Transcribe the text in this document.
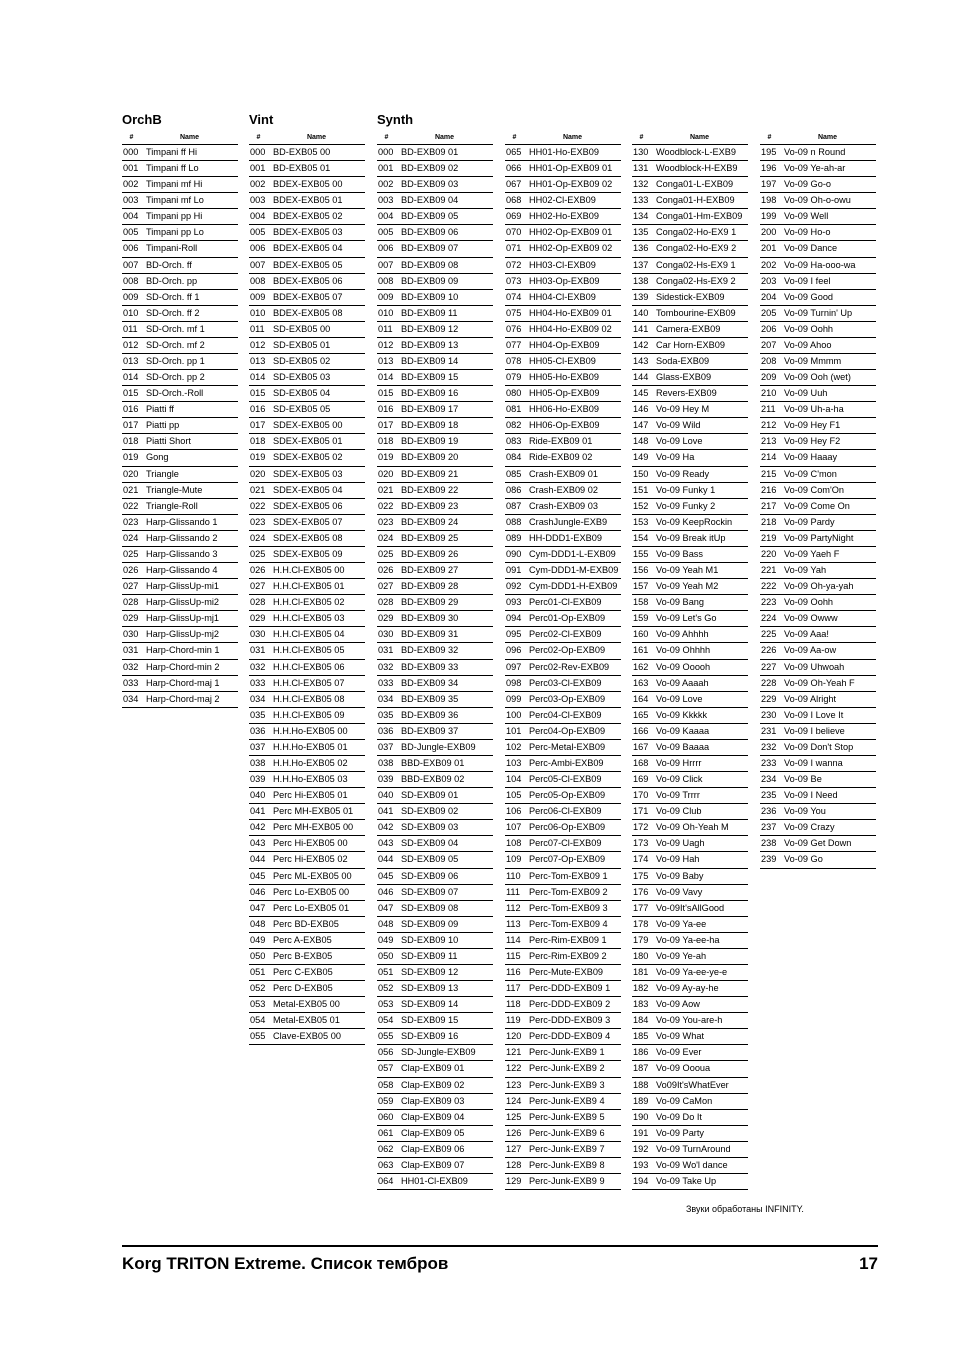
OrchB
#	Name
000 Timpani ff Hi
001 Timpani ff Lo
002 Timpani mf Hi
003 Timpani mf Lo
004 Timpani pp Hi
005 Timpani pp Lo
006 Timpani-Roll
007 BD-Orch. ff
008 BD-Orch. pp
009 SD-Orch. ff 1
010 SD-Orch. ff 2
011 SD-Orch. mf 1
012 SD-Orch. mf 2
013 SD-Orch. pp 1
014 SD-Orch. pp 2
015 SD-Orch.-Roll
016 Piatti ff
017 Piatti pp
018 Piatti Short
019 Gong
020 Triangle
021 Triangle-Mute
022 Triangle-Roll
023 Harp-Glissando 1
024 Harp-Glissando 2
025 Harp-Glissando 3
026 Harp-Glissando 4
027 Harp-GlissUp-mi1
028 Harp-GlissUp-mi2
029 Harp-GlissUp-mj1
030 Harp-GlissUp-mj2
031 Harp-Chord-min 1
032 Harp-Chord-min 2
033 Harp-Chord-maj 1
034 Harp-Chord-maj 2
Vint
#	Name
000 BD-EXB05 00
001 BD-EXB05 01
002 BDEX-EXB05 00
003 BDEX-EXB05 01
004 BDEX-EXB05 02
005 BDEX-EXB05 03
006 BDEX-EXB05 04
007 BDEX-EXB05 05
008 BDEX-EXB05 06
009 BDEX-EXB05 07
010 BDEX-EXB05 08
011 SD-EXB05 00
012 SD-EXB05 01
013 SD-EXB05 02
014 SD-EXB05 03
015 SD-EXB05 04
016 SD-EXB05 05
017 SDEX-EXB05 00
018 SDEX-EXB05 01
019 SDEX-EXB05 02
020 SDEX-EXB05 03
021 SDEX-EXB05 04
022 SDEX-EXB05 06
023 SDEX-EXB05 07
024 SDEX-EXB05 08
025 SDEX-EXB05 09
026 H.H.Cl-EXB05 00
027 H.H.Cl-EXB05 01
028 H.H.Cl-EXB05 02
029 H.H.Cl-EXB05 03
030 H.H.Cl-EXB05 04
031 H.H.Cl-EXB05 05
032 H.H.Cl-EXB05 06
033 H.H.Cl-EXB05 07
034 H.H.Cl-EXB05 08
035 H.H.Cl-EXB05 09
036 H.H.Ho-EXB05 00
037 H.H.Ho-EXB05 01
038 H.H.Ho-EXB05 02
039 H.H.Ho-EXB05 03
040 Perc Hi-EXB05 01
041 Perc MH-EXB05 01
042 Perc MH-EXB05 00
043 Perc Hi-EXB05 00
044 Perc Hi-EXB05 02
045 Perc ML-EXB05 00
046 Perc Lo-EXB05 00
047 Perc Lo-EXB05 01
048 Perc BD-EXB05
049 Perc A-EXB05
050 Perc B-EXB05
051 Perc C-EXB05
052 Perc D-EXB05
053 Metal-EXB05 00
054 Metal-EXB05 01
055 Clave-EXB05 00
Synth
#	Name
000 BD-EXB09 01
001 BD-EXB09 02
002 BD-EXB09 03
003 BD-EXB09 04
004 BD-EXB09 05
005 BD-EXB09 06
006 BD-EXB09 07
007 BD-EXB09 08
008 BD-EXB09 09
009 BD-EXB09 10
010 BD-EXB09 11
011 BD-EXB09 12
012 BD-EXB09 13
013 BD-EXB09 14
014 BD-EXB09 15
015 BD-EXB09 16
016 BD-EXB09 17
017 BD-EXB09 18
018 BD-EXB09 19
019 BD-EXB09 20
020 BD-EXB09 21
021 BD-EXB09 22
022 BD-EXB09 23
023 BD-EXB09 24
024 BD-EXB09 25
025 BD-EXB09 26
026 BD-EXB09 27
027 BD-EXB09 28
028 BD-EXB09 29
029 BD-EXB09 30
030 BD-EXB09 31
031 BD-EXB09 32
032 BD-EXB09 33
033 BD-EXB09 34
034 BD-EXB09 35
035 BD-EXB09 36
036 BD-EXB09 37
037 BD-Jungle-EXB09
038 BBD-EXB09 01
039 BBD-EXB09 02
040 SD-EXB09 01
041 SD-EXB09 02
042 SD-EXB09 03
043 SD-EXB09 04
044 SD-EXB09 05
045 SD-EXB09 06
046 SD-EXB09 07
047 SD-EXB09 08
048 SD-EXB09 09
049 SD-EXB09 10
050 SD-EXB09 11
051 SD-EXB09 12
052 SD-EXB09 13
053 SD-EXB09 14
054 SD-EXB09 15
055 SD-EXB09 16
056 SD-Jungle-EXB09
057 Clap-EXB09 01
058 Clap-EXB09 02
059 Clap-EXB09 03
060 Clap-EXB09 04
061 Clap-EXB09 05
062 Clap-EXB09 06
063 Clap-EXB09 07
064 HH01-Cl-EXB09
#	Name
065 HH01-Ho-EXB09
066 HH01-Op-EXB09 01
067 HH01-Op-EXB09 02
068 HH02-Cl-EXB09
069 HH02-Ho-EXB09
070 HH02-Op-EXB09 01
071 HH02-Op-EXB09 02
072 HH03-Cl-EXB09
073 HH03-Op-EXB09
074 HH04-Cl-EXB09
075 HH04-Ho-EXB09 01
076 HH04-Ho-EXB09 02
077 HH04-Op-EXB09
078 HH05-Cl-EXB09
079 HH05-Ho-EXB09
080 HH05-Op-EXB09
081 HH06-Ho-EXB09
082 HH06-Op-EXB09
083 Ride-EXB09 01
084 Ride-EXB09 02
085 Crash-EXB09 01
086 Crash-EXB09 02
087 Crash-EXB09 03
088 CrashJungle-EXB9
089 HH-DDD1-EXB09
090 Cym-DDD1-L-EXB09
091 Cym-DDD1-M-EXB09
092 Cym-DDD1-H-EXB09
093 Perc01-Cl-EXB09
094 Perc01-Op-EXB09
095 Perc02-Cl-EXB09
096 Perc02-Op-EXB09
097 Perc02-Rev-EXB09
098 Perc03-Cl-EXB09
099 Perc03-Op-EXB09
100 Perc04-Cl-EXB09
101 Perc04-Op-EXB09
102 Perc-Metal-EXB09
103 Perc-Ambi-EXB09
104 Perc05-Cl-EXB09
105 Perc05-Op-EXB09
106 Perc06-Cl-EXB09
107 Perc06-Op-EXB09
108 Perc07-Cl-EXB09
109 Perc07-Op-EXB09
110 Perc-Tom-EXB09 1
111 Perc-Tom-EXB09 2
112 Perc-Tom-EXB09 3
113 Perc-Tom-EXB09 4
114 Perc-Rim-EXB09 1
115 Perc-Rim-EXB09 2
116 Perc-Mute-EXB09
117 Perc-DDD-EXB09 1
118 Perc-DDD-EXB09 2
119 Perc-DDD-EXB09 3
120 Perc-DDD-EXB09 4
121 Perc-Junk-EXB9 1
122 Perc-Junk-EXB9 2
123 Perc-Junk-EXB9 3
124 Perc-Junk-EXB9 4
125 Perc-Junk-EXB9 5
126 Perc-Junk-EXB9 6
127 Perc-Junk-EXB9 7
128 Perc-Junk-EXB9 8
129 Perc-Junk-EXB9 9
#	Name
130 Woodblock-L-EXB9
131 Woodblock-H-EXB9
132 Conga01-L-EXB09
133 Conga01-H-EXB09
134 Conga01-Hm-EXB09
135 Conga02-Ho-EX9 1
136 Conga02-Ho-EX9 2
137 Conga02-Hs-EX9 1
138 Conga02-Hs-EX9 2
139 Sidestick-EXB09
140 Tombourine-EXB09
141 Camera-EXB09
142 Car Horn-EXB09
143 Soda-EXB09
144 Glass-EXB09
145 Revers-EXB09
146 Vo-09 Hey M
147 Vo-09 Wild
148 Vo-09 Love
149 Vo-09 Ha
150 Vo-09 Ready
151 Vo-09 Funky 1
152 Vo-09 Funky 2
153 Vo-09 KeepRockin
154 Vo-09 Break itUp
155 Vo-09 Bass
156 Vo-09 Yeah M1
157 Vo-09 Yeah M2
158 Vo-09 Bang
159 Vo-09 Let's Go
160 Vo-09 Ahhhh
161 Vo-09 Ohhhh
162 Vo-09 Ooooh
163 Vo-09 Aaaah
164 Vo-09 Love
165 Vo-09 Kkkkk
166 Vo-09 Kaaaa
167 Vo-09 Baaaa
168 Vo-09 Hrrrr
169 Vo-09 Click
170 Vo-09 Trrrr
171 Vo-09 Club
172 Vo-09 Oh-Yeah M
173 Vo-09 Uagh
174 Vo-09 Hah
175 Vo-09 Baby
176 Vo-09 Vavy
177 Vo-09It'sAllGood
178 Vo-09 Ya-ee
179 Vo-09 Ya-ee-ha
180 Vo-09 Ye-ah
181 Vo-09 Ya-ee-ye-e
182 Vo-09 Ay-ay-he
183 Vo-09 Aow
184 Vo-09 You-are-h
185 Vo-09 What
186 Vo-09 Ever
187 Vo-09 Oooua
188 Vo09It'sWhatEver
189 Vo-09 CaMon
190 Vo-09 Do It
191 Vo-09 Party
192 Vo-09 TurnAround
193 Vo-09 Wo'l dance
194 Vo-09 Take Up
#	Name
195 Vo-09 n Round
196 Vo-09 Ye-ah-ar
197 Vo-09 Go-o
198 Vo-09 Oh-o-owu
199 Vo-09 Well
200 Vo-09 Ho-o
201 Vo-09 Dance
202 Vo-09 Ha-ooo-wa
203 Vo-09 I feel
204 Vo-09 Good
205 Vo-09 Turnin' Up
206 Vo-09 Oohh
207 Vo-09 Ahoo
208 Vo-09 Mmmm
209 Vo-09 Ooh (wet)
210 Vo-09 Uuh
211 Vo-09 Uh-a-ha
212 Vo-09 Hey F1
213 Vo-09 Hey F2
214 Vo-09 Haaay
215 Vo-09 C'mon
216 Vo-09 Com'On
217 Vo-09 Come On
218 Vo-09 Pardy
219 Vo-09 PartyNight
220 Vo-09 Yaeh F
221 Vo-09 Yah
222 Vo-09 Oh-ya-yah
223 Vo-09 Oohh
224 Vo-09 Owww
225 Vo-09 Aaa!
226 Vo-09 Aa-ow
227 Vo-09 Uhwoah
228 Vo-09 Oh-Yeah F
229 Vo-09 Alright
230 Vo-09 I Love It
231 Vo-09 I believe
232 Vo-09 Don't Stop
233 Vo-09 I wanna
234 Vo-09 Be
235 Vo-09 I Need
236 Vo-09 You
237 Vo-09 Crazy
238 Vo-09 Get Down
239 Vo-09 Go
Звуки обработаны INFINITY.
Korg TRITON Extreme. Список тембров	17
